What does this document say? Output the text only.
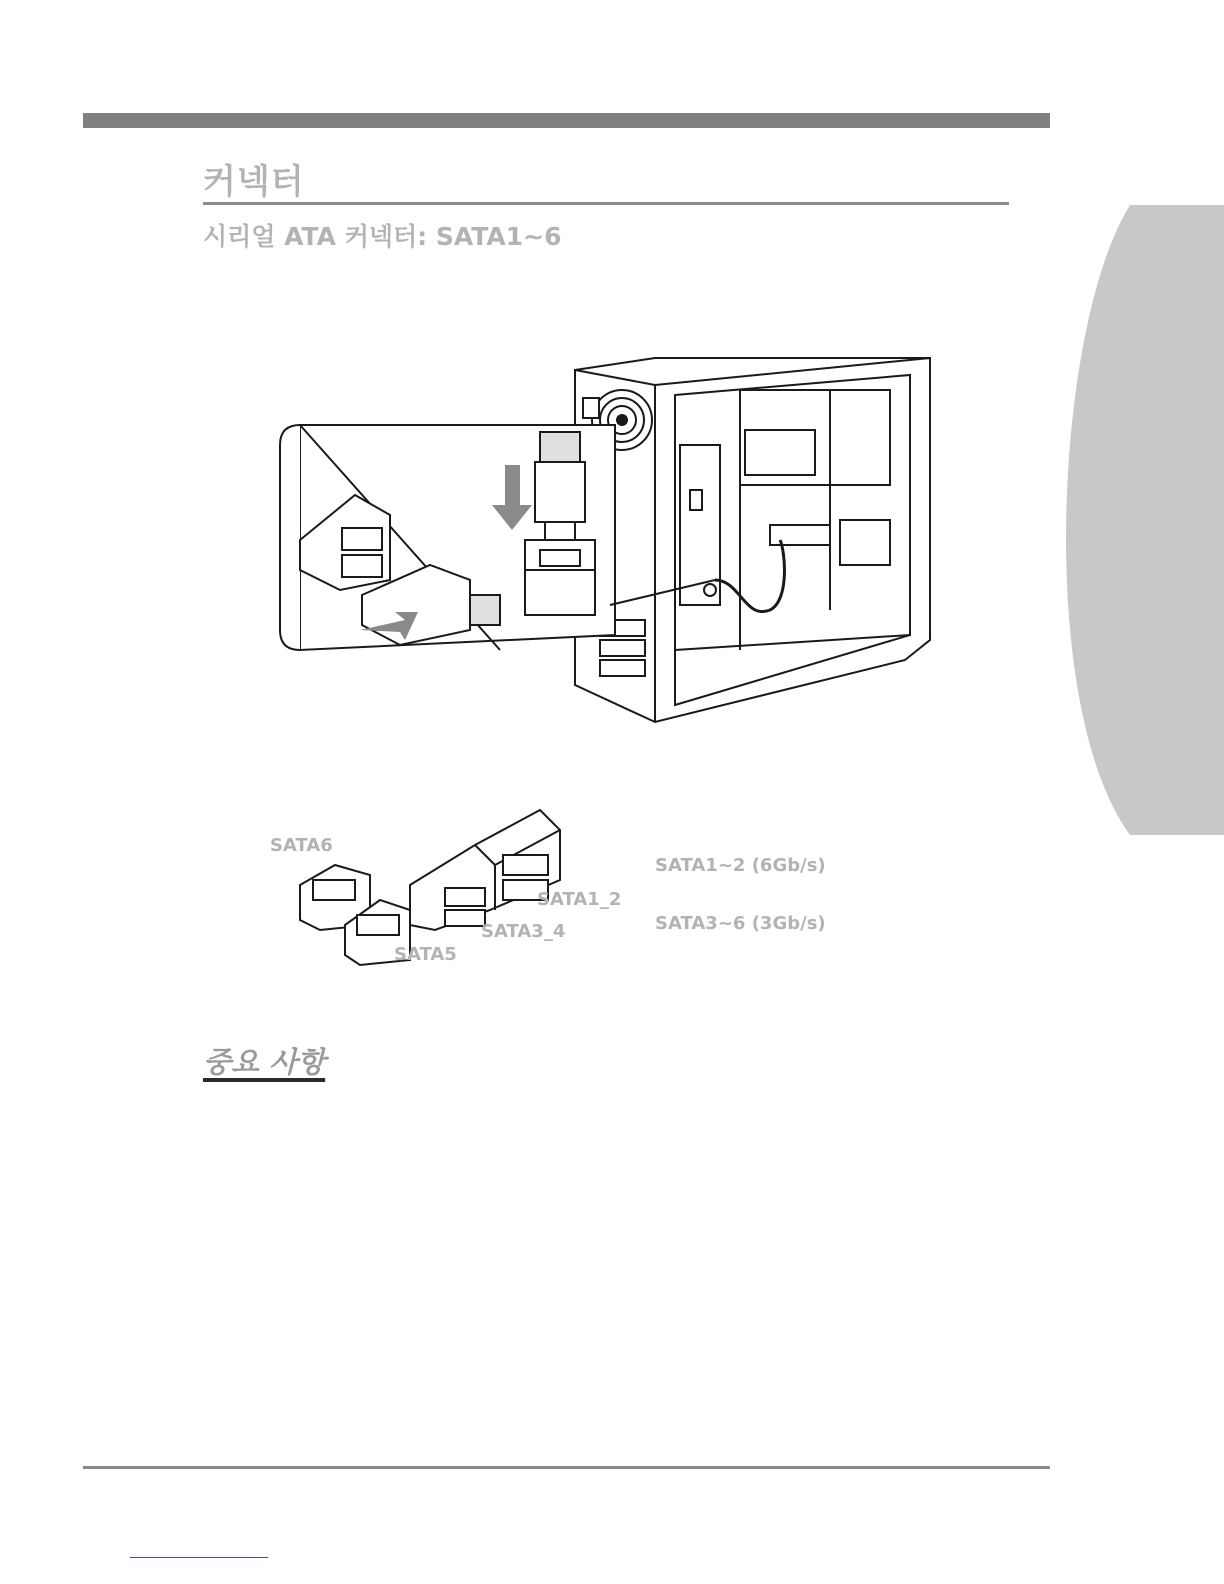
커넥터
시리얼 ATA 커넥터: SATA1~6
SATA6
SATA5
SATA3_4
SATA1_2
SATA1~2 (6Gb/s)
SATA3~6 (3Gb/s)
중요 사항
